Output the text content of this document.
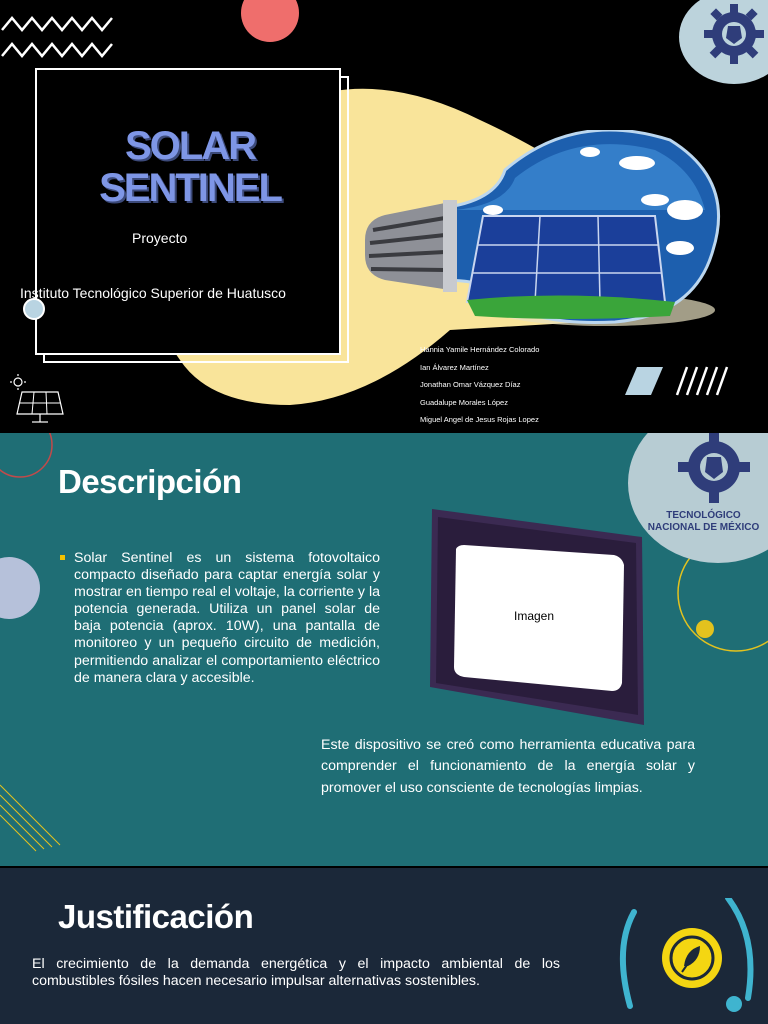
SOLAR
SENTINEL
Proyecto
Instituto Tecnológico Superior de Huatusco
Hannia Yamile Hernández Colorado
Ian Álvarez Martínez
Jonathan Omar Vázquez Díaz
Guadalupe Morales López
Miguel Angel de Jesus Rojas Lopez
TECNOLÓGICO
NACIONAL DE MÉXICO
Descripción
Solar Sentinel es un sistema fotovoltaico compacto diseñado para captar energía solar y mostrar en tiempo real el voltaje, la corriente y la potencia generada. Utiliza un panel solar de baja potencia (aprox. 10W), una pantalla de monitoreo y un pequeño circuito de medición, permitiendo analizar el comportamiento eléctrico de manera clara y accesible.
Imagen
Este dispositivo se creó como herramienta educativa para comprender el funcionamiento de la energía solar y promover el uso consciente de tecnologías limpias.
Justificación
El crecimiento de la demanda energética y el impacto ambiental de los combustibles fósiles hacen necesario impulsar alternativas sostenibles.
